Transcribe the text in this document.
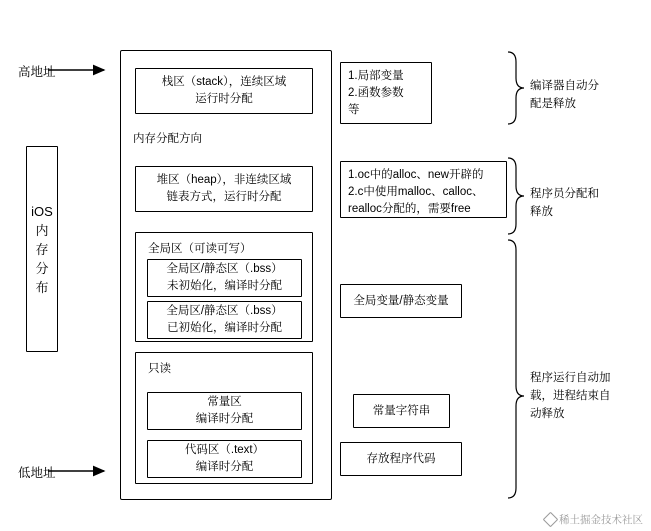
高地址
低地址
iOS
内
存
分
布
栈区（stack），连续区域
运行时分配
内存分配方向
堆区（heap），非连续区域
链表方式，运行时分配
全局区（可读可写）
全局区/静态区（.bss）
未初始化，编译时分配
全局区/静态区（.bss）
已初始化，编译时分配
只读
常量区
编译时分配
代码区（.text）
编译时分配
1.局部变量
2.函数参数
等
1.oc中的alloc、new开辟的
2.c中使用malloc、calloc、
realloc分配的，需要free
全局变量/静态变量
常量字符串
存放程序代码
编译器自动分
配是释放
程序员分配和
释放
程序运行自动加
载，进程结束自
动释放
稀土掘金技术社区
